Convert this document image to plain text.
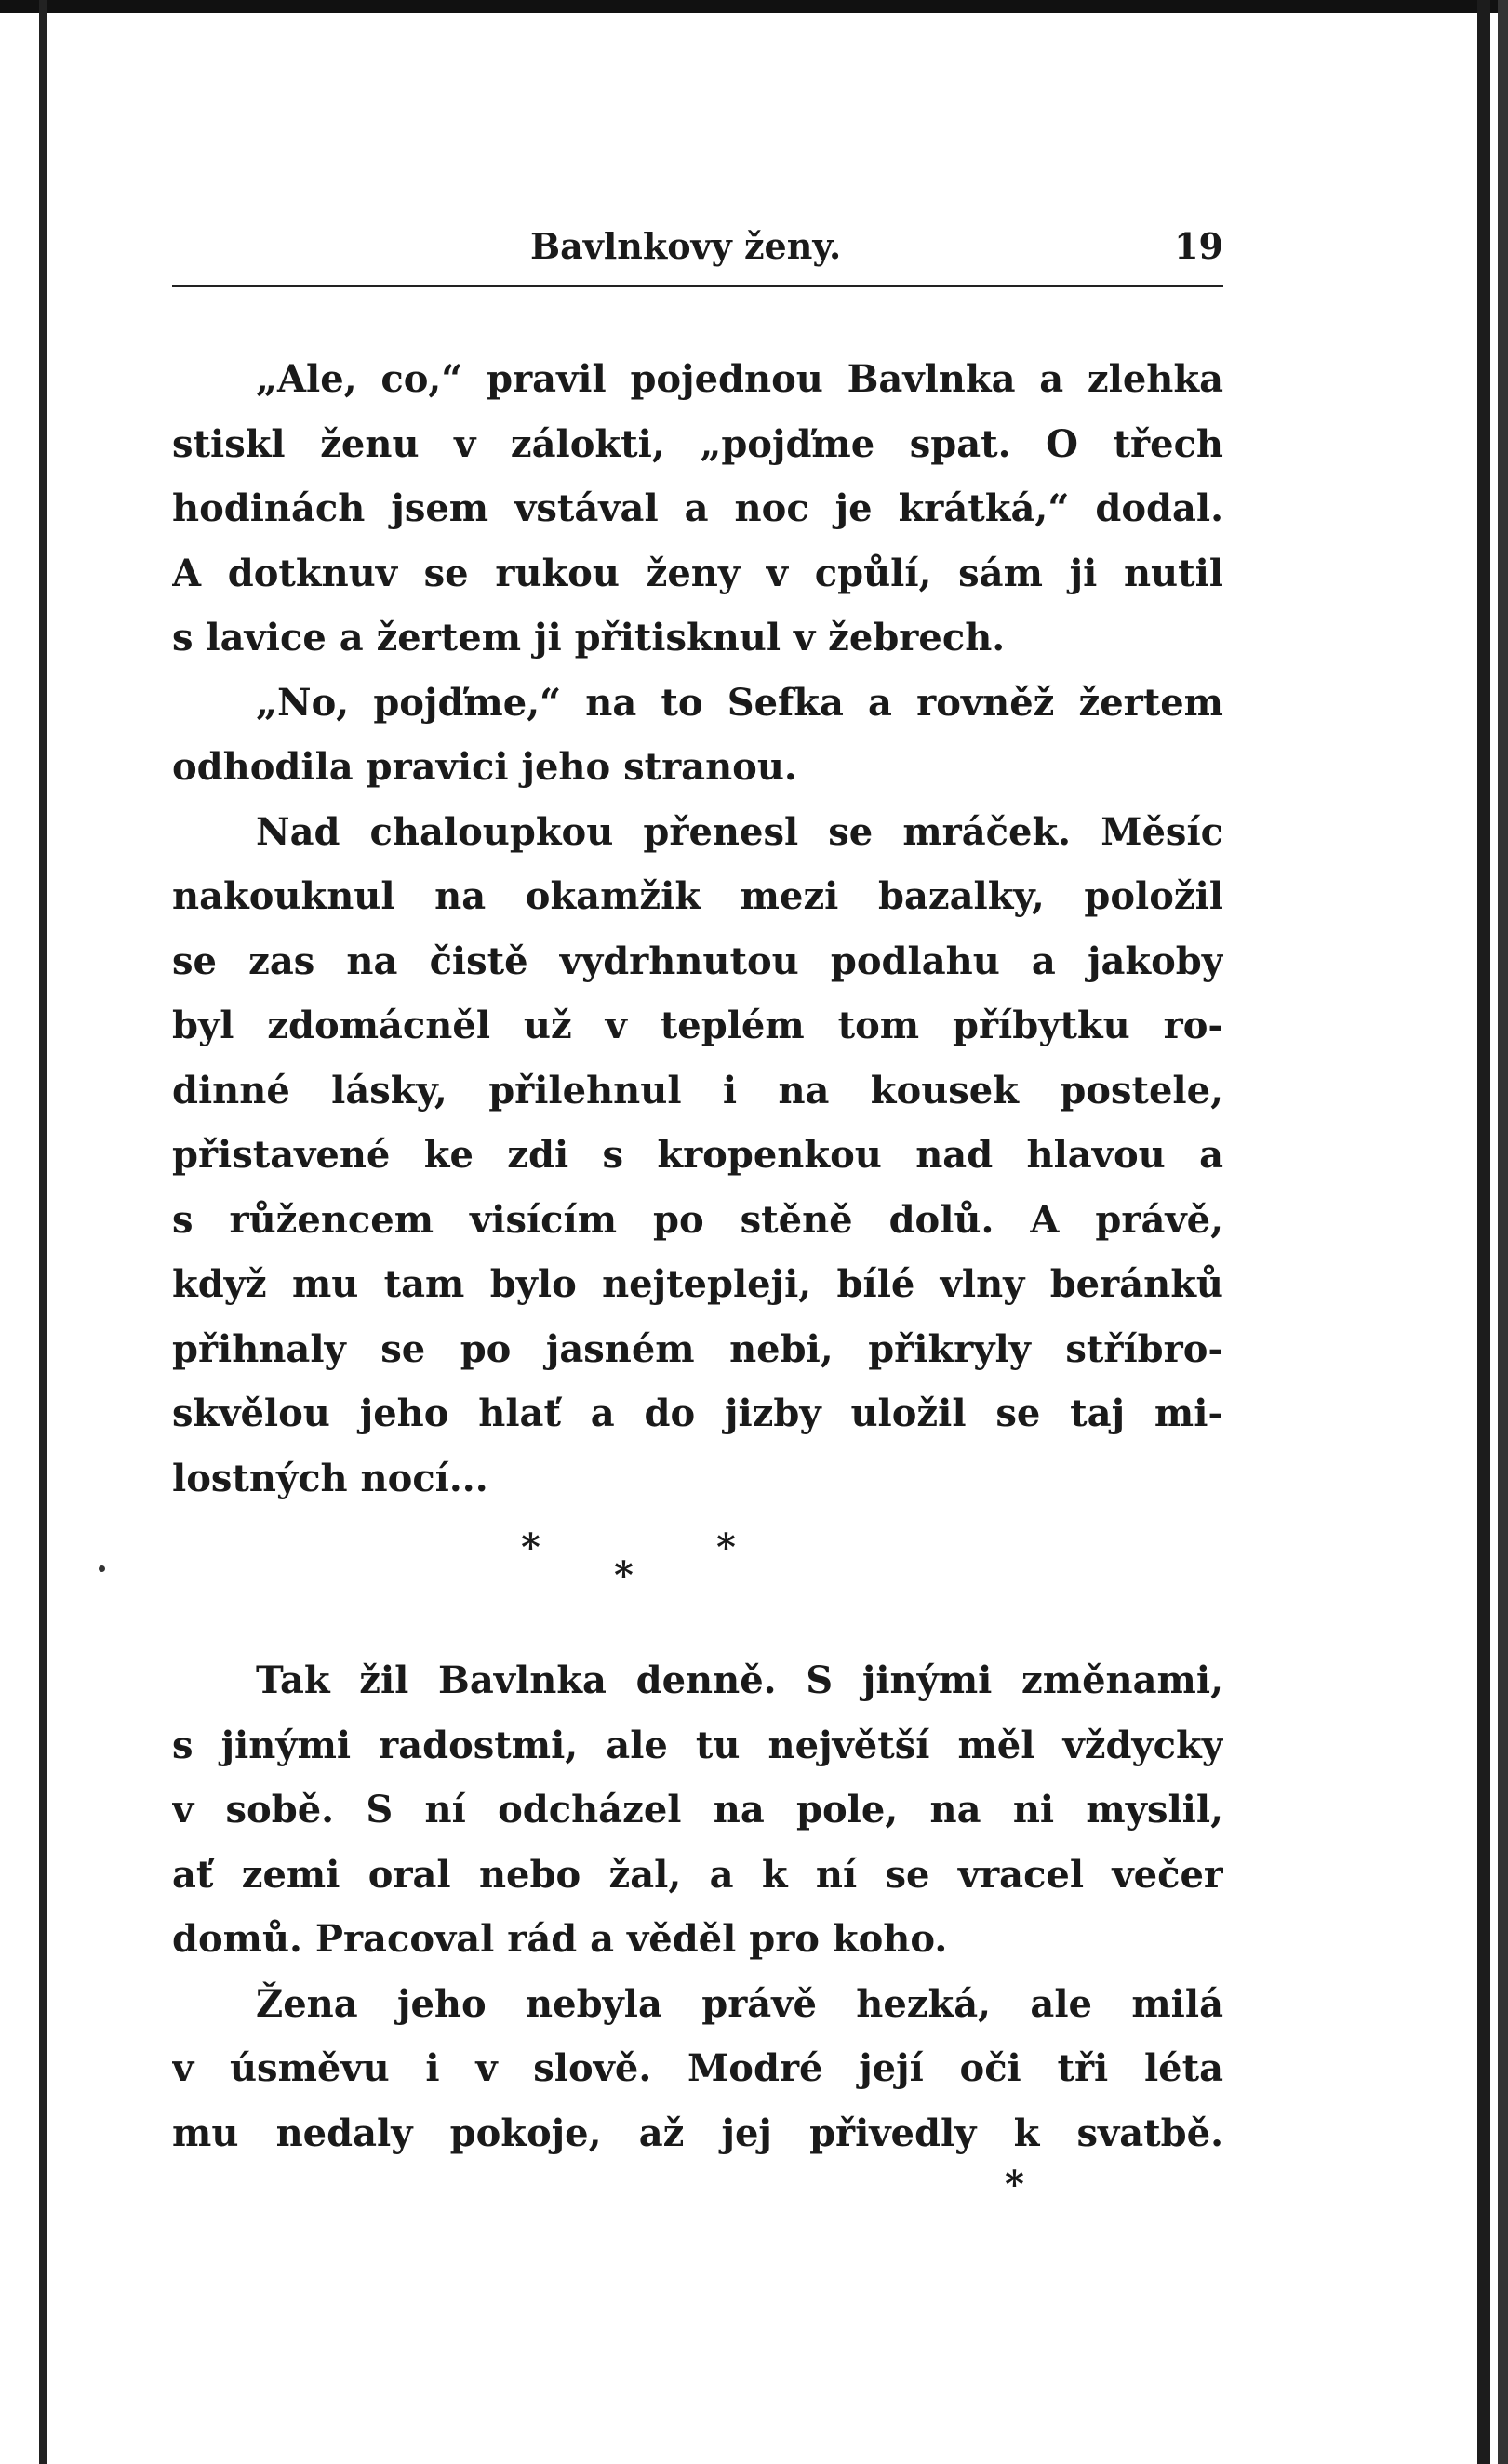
Bavlnkovy ženy.	19
„Ale, co,“ pravil pojednou Bavlnka a zlehka
stiskl ženu v zálokti, „pojďme spat. O třech
hodinách jsem vstával a noc je krátká,“ dodal.
A dotknuv se rukou ženy v cpůlí, sám ji nutil
s lavice a žertem ji přitisknul v žebrech.
„No, pojďme,“ na to Sefka a rovněž žertem
odhodila pravici jeho stranou.
Nad chaloupkou přenesl se mráček. Měsíc
nakouknul na okamžik mezi bazalky, položil
se zas na čistě vydrhnutou podlahu a jakoby
byl zdomácněl už v teplém tom příbytku ro-
dinné lásky, přilehnul i na kousek postele,
přistavené ke zdi s kropenkou nad hlavou a
s růžencem visícím po stěně dolů. A právě,
když mu tam bylo nejtepleji, bílé vlny beránků
přihnaly se po jasném nebi, přikryly stříbro-
skvělou jeho hlať a do jizby uložil se taj mi-
lostných nocí...
*	*
*
Tak žil Bavlnka denně. S jinými změnami,
s jinými radostmi, ale tu největší měl vždycky
v sobě. S ní odcházel na pole, na ni myslil,
ať zemi oral nebo žal, a k ní se vracel večer
domů. Pracoval rád a věděl pro koho.
Žena jeho nebyla právě hezká, ale milá
v úsměvu i v slově. Modré její oči tři léta
mu nedaly pokoje, až jej přivedly k svatbě.
*
